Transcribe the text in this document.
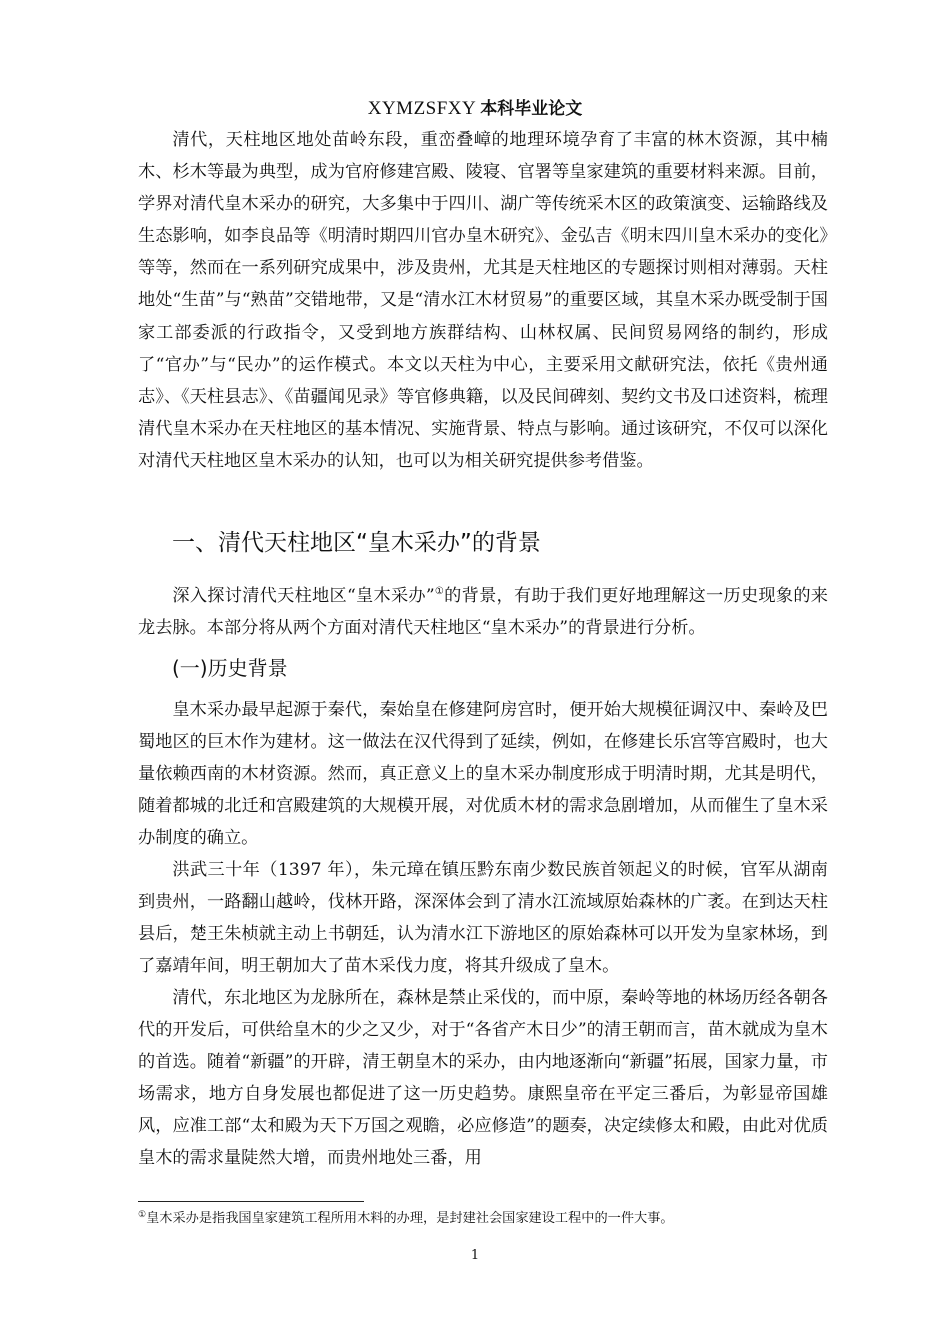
XYMZSFXY 本科毕业论文

清代，天柱地区地处苗岭东段，重峦叠嶂的地理环境孕育了丰富的林木资源，其中楠木、杉木等最为典型，成为官府修建宫殿、陵寝、官署等皇家建筑的重要材料来源。目前，学界对清代皇木采办的研究，大多集中于四川、湖广等传统采木区的政策演变、运输路线及生态影响，如李良品等《明清时期四川官办皇木研究》、金弘吉《明末四川皇木采办的变化》等等，然而在一系列研究成果中，涉及贵州，尤其是天柱地区的专题探讨则相对薄弱。天柱地处“生苗”与“熟苗”交错地带，又是“清水江木材贸易”的重要区域，其皇木采办既受制于国家工部委派的行政指令，又受到地方族群结构、山林权属、民间贸易网络的制约，形成了“官办”与“民办”的运作模式。本文以天柱为中心，主要采用文献研究法，依托《贵州通志》、《天柱县志》、《苗疆闻见录》等官修典籍，以及民间碑刻、契约文书及口述资料，梳理清代皇木采办在天柱地区的基本情况、实施背景、特点与影响。通过该研究，不仅可以深化对清代天柱地区皇木采办的认知，也可以为相关研究提供参考借鉴。

一、清代天柱地区“皇木采办”的背景

深入探讨清代天柱地区“皇木采办”①的背景，有助于我们更好地理解这一历史现象的来龙去脉。本部分将从两个方面对清代天柱地区“皇木采办”的背景进行分析。

(一)历史背景

皇木采办最早起源于秦代，秦始皇在修建阿房宫时，便开始大规模征调汉中、秦岭及巴蜀地区的巨木作为建材。这一做法在汉代得到了延续，例如，在修建长乐宫等宫殿时，也大量依赖西南的木材资源。然而，真正意义上的皇木采办制度形成于明清时期，尤其是明代，随着都城的北迁和宫殿建筑的大规模开展，对优质木材的需求急剧增加，从而催生了皇木采办制度的确立。

洪武三十年（1397 年），朱元璋在镇压黔东南少数民族首领起义的时候，官军从湖南到贵州，一路翻山越岭，伐林开路，深深体会到了清水江流域原始森林的广袤。在到达天柱县后，楚王朱桢就主动上书朝廷，认为清水江下游地区的原始森林可以开发为皇家林场，到了嘉靖年间，明王朝加大了苗木采伐力度，将其升级成了皇木。

清代，东北地区为龙脉所在，森林是禁止采伐的，而中原，秦岭等地的林场历经各朝各代的开发后，可供给皇木的少之又少，对于“各省产木日少”的清王朝而言，苗木就成为皇木的首选。随着“新疆”的开辟，清王朝皇木的采办，由内地逐渐向“新疆”拓展，国家力量，市场需求，地方自身发展也都促进了这一历史趋势。康熙皇帝在平定三番后，为彰显帝国雄风，应准工部“太和殿为天下万国之观瞻，必应修造”的题奏，决定续修太和殿，由此对优质皇木的需求量陡然大增，而贵州地处三番，用

①皇木采办是指我国皇家建筑工程所用木料的办理，是封建社会国家建设工程中的一件大事。
1
